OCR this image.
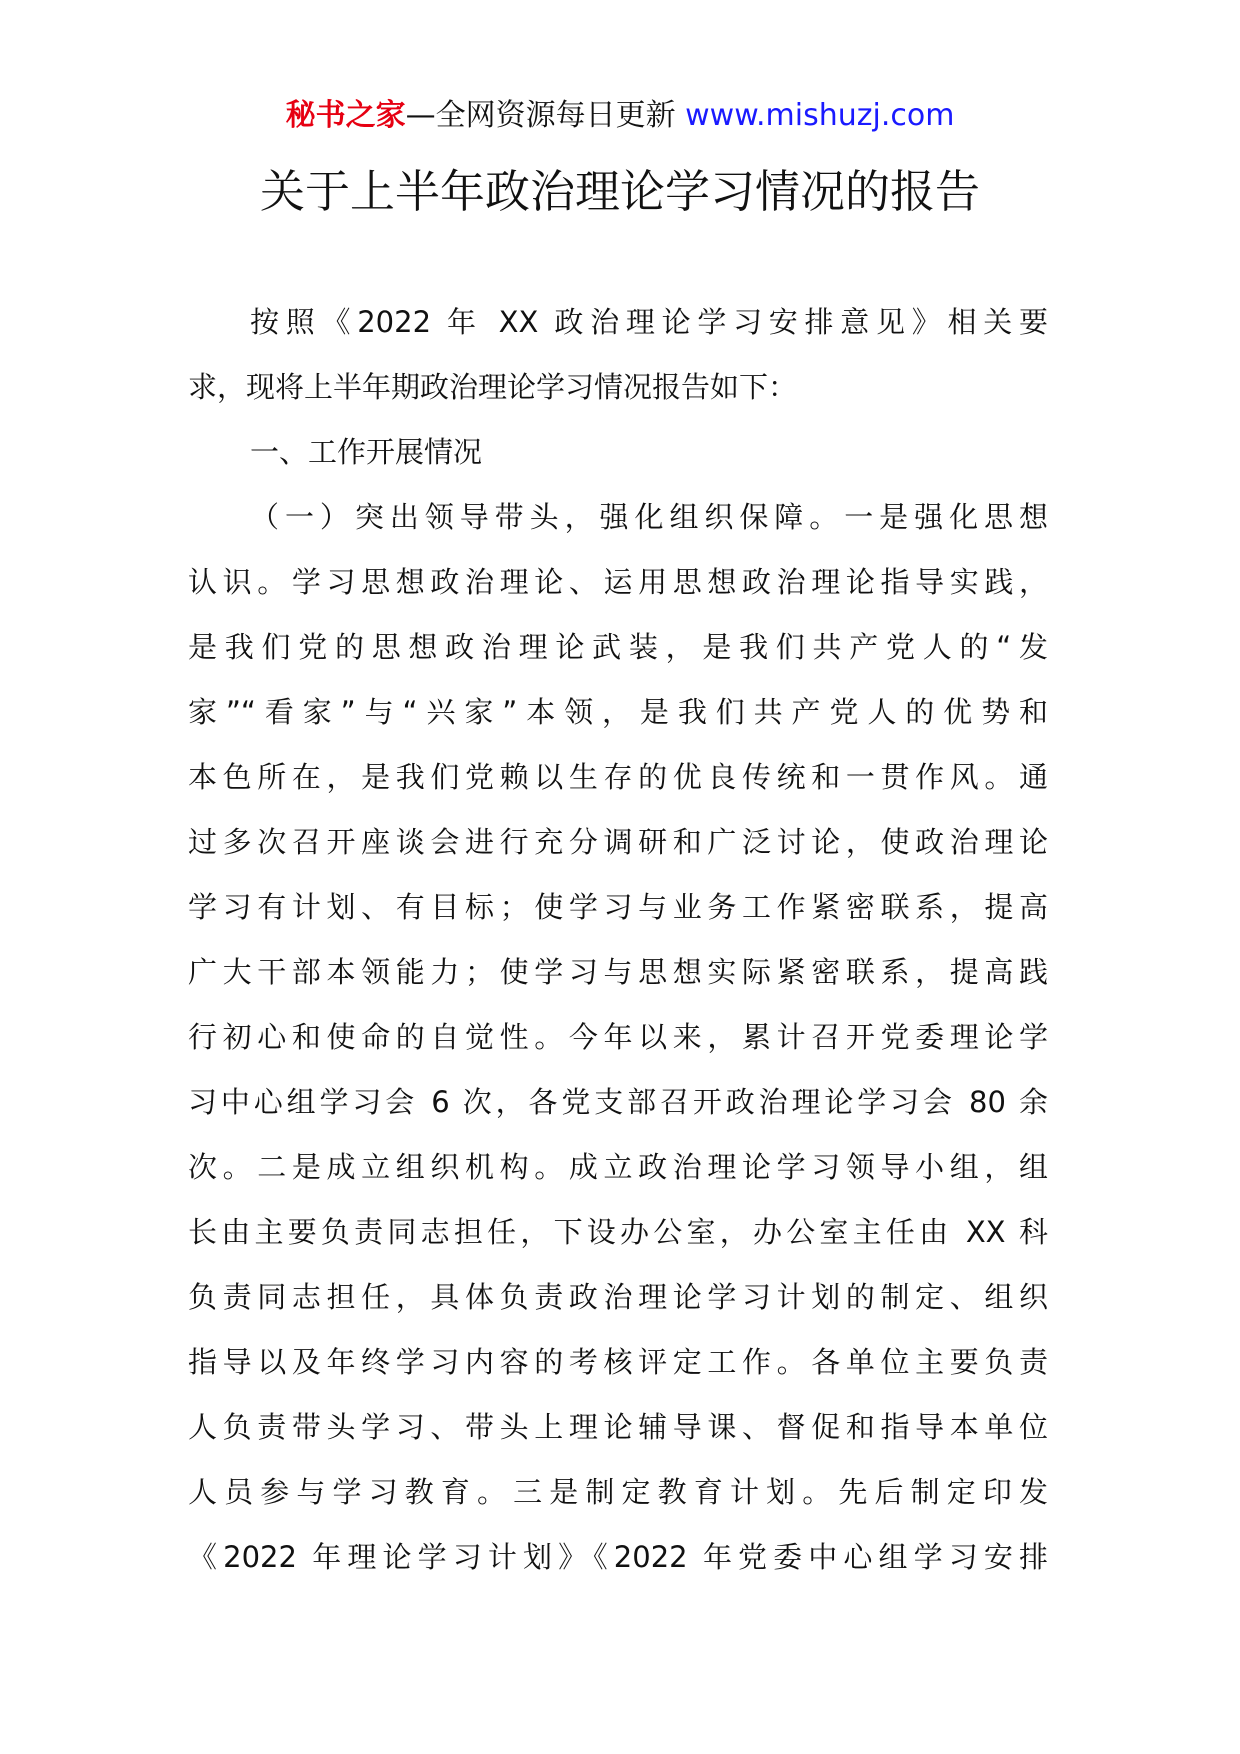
秘书之家—全网资源每日更新 www.mishuzj.com
关于上半年政治理论学习情况的报告
按照《2022 年 XX 政治理论学习安排意见》相关要
求，现将上半年期政治理论学习情况报告如下：
一、工作开展情况
（一）突出领导带头，强化组织保障。一是强化思想
认识。学习思想政治理论、运用思想政治理论指导实践，
是我们党的思想政治理论武装，是我们共产党人的“发
家”“看家”与“兴家”本领，是我们共产党人的优势和
本色所在，是我们党赖以生存的优良传统和一贯作风。通
过多次召开座谈会进行充分调研和广泛讨论，使政治理论
学习有计划、有目标；使学习与业务工作紧密联系，提高
广大干部本领能力；使学习与思想实际紧密联系，提高践
行初心和使命的自觉性。今年以来，累计召开党委理论学
习中心组学习会 6 次，各党支部召开政治理论学习会 80 余
次。二是成立组织机构。成立政治理论学习领导小组，组
长由主要负责同志担任，下设办公室，办公室主任由 XX 科
负责同志担任，具体负责政治理论学习计划的制定、组织
指导以及年终学习内容的考核评定工作。各单位主要负责
人负责带头学习、带头上理论辅导课、督促和指导本单位
人员参与学习教育。三是制定教育计划。先后制定印发
《2022 年理论学习计划》《2022 年党委中心组学习安排
